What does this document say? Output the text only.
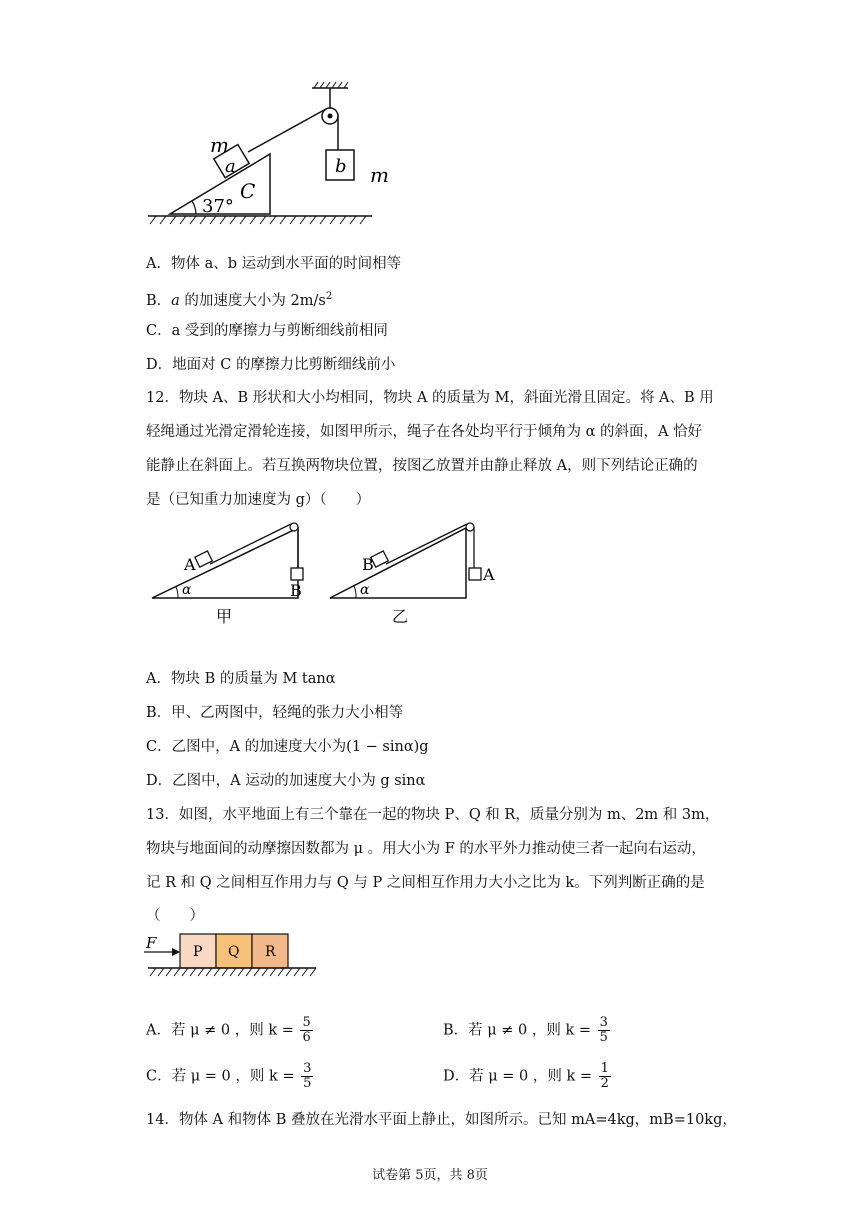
m
a
C
b m
37°
A．物体 a、b 运动到水平面的时间相等
B．a 的加速度大小为 $2m/s^2$
C．a 受到的摩擦力与剪断细线前相同
D．地面对 C 的摩擦力比剪断细线前小
12．物块 A、B 形状和大小均相同，物块 A 的质量为 M，斜面光滑且固定。将 A、B 用
轻绳通过光滑定滑轮连接，如图甲所示，绳子在各处均平行于倾角为 α 的斜面，A 恰好
能静止在斜面上。若互换两物块位置，按图乙放置并由静止释放 A，则下列结论正确的
是（已知重力加速度为 g）（　　）
A
B
α
甲
B
A
α
乙
A．物块 B 的质量为 M tanα
B．甲、乙两图中，轻绳的张力大小相等
C．乙图中，A 的加速度大小为(1 − sinα)g
D．乙图中，A 运动的加速度大小为 g sinα
13．如图，水平地面上有三个靠在一起的物块 P、Q 和 R，质量分别为 m、2m 和 3m，
物块与地面间的动摩擦因数都为 μ 。用大小为 F 的水平外力推动使三者一起向右运动，
记 R 和 Q 之间相互作用力与 Q 与 P 之间相互作用力大小之比为 k。下列判断正确的是
（　　）
F	P Q R
A．若 μ ≠ 0 ，则 $k = \frac{5}{6}$	B．若 μ ≠ 0 ，则 $k = \frac{3}{5}$
C．若 μ = 0 ，则 $k = \frac{3}{5}$	D．若 μ = 0 ，则 $k = \frac{1}{2}$
14．物体 A 和物体 B 叠放在光滑水平面上静止，如图所示。已知 mA=4kg，mB=10kg，
试卷第 5页，共 8页
